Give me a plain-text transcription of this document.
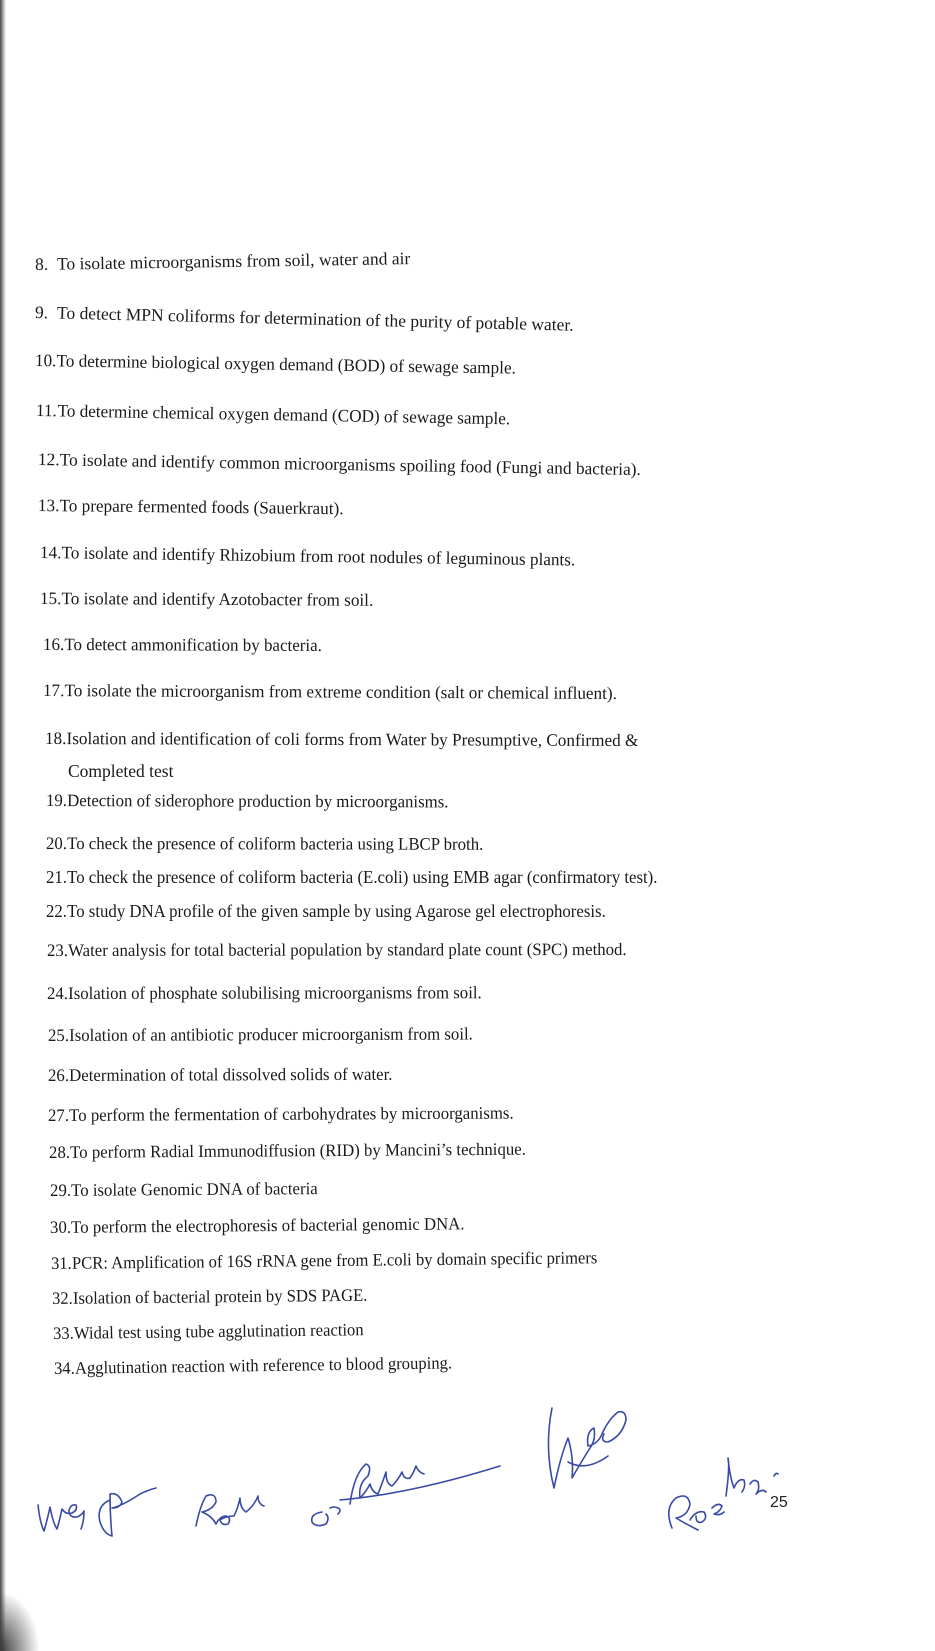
8. To isolate microorganisms from soil, water and air
9. To detect MPN coliforms for determination of the purity of potable water.
10.To determine biological oxygen demand (BOD) of sewage sample.
11.To determine chemical oxygen demand (COD) of sewage sample.
12.To isolate and identify common microorganisms spoiling food (Fungi and bacteria).
13.To prepare fermented foods (Sauerkraut).
14.To isolate and identify Rhizobium from root nodules of leguminous plants.
15.To isolate and identify Azotobacter from soil.
16.To detect ammonification by bacteria.
17.To isolate the microorganism from extreme condition (salt or chemical influent).
18.Isolation and identification of coli forms from Water by Presumptive, Confirmed &
Completed test
19.Detection of siderophore production by microorganisms.
20.To check the presence of coliform bacteria using LBCP broth.
21.To check the presence of coliform bacteria (E.coli) using EMB agar (confirmatory test).
22.To study DNA profile of the given sample by using Agarose gel electrophoresis.
23.Water analysis for total bacterial population by standard plate count (SPC) method.
24.Isolation of phosphate solubilising microorganisms from soil.
25.Isolation of an antibiotic producer microorganism from soil.
26.Determination of total dissolved solids of water.
27.To perform the fermentation of carbohydrates by microorganisms.
28.To perform Radial Immunodiffusion (RID) by Mancini’s technique.
29.To isolate Genomic DNA of bacteria
30.To perform the electrophoresis of bacterial genomic DNA.
31.PCR: Amplification of 16S rRNA gene from E.coli by domain specific primers
32.Isolation of bacterial protein by SDS PAGE.
33.Widal test using tube agglutination reaction
34.Agglutination reaction with reference to blood grouping.
25
